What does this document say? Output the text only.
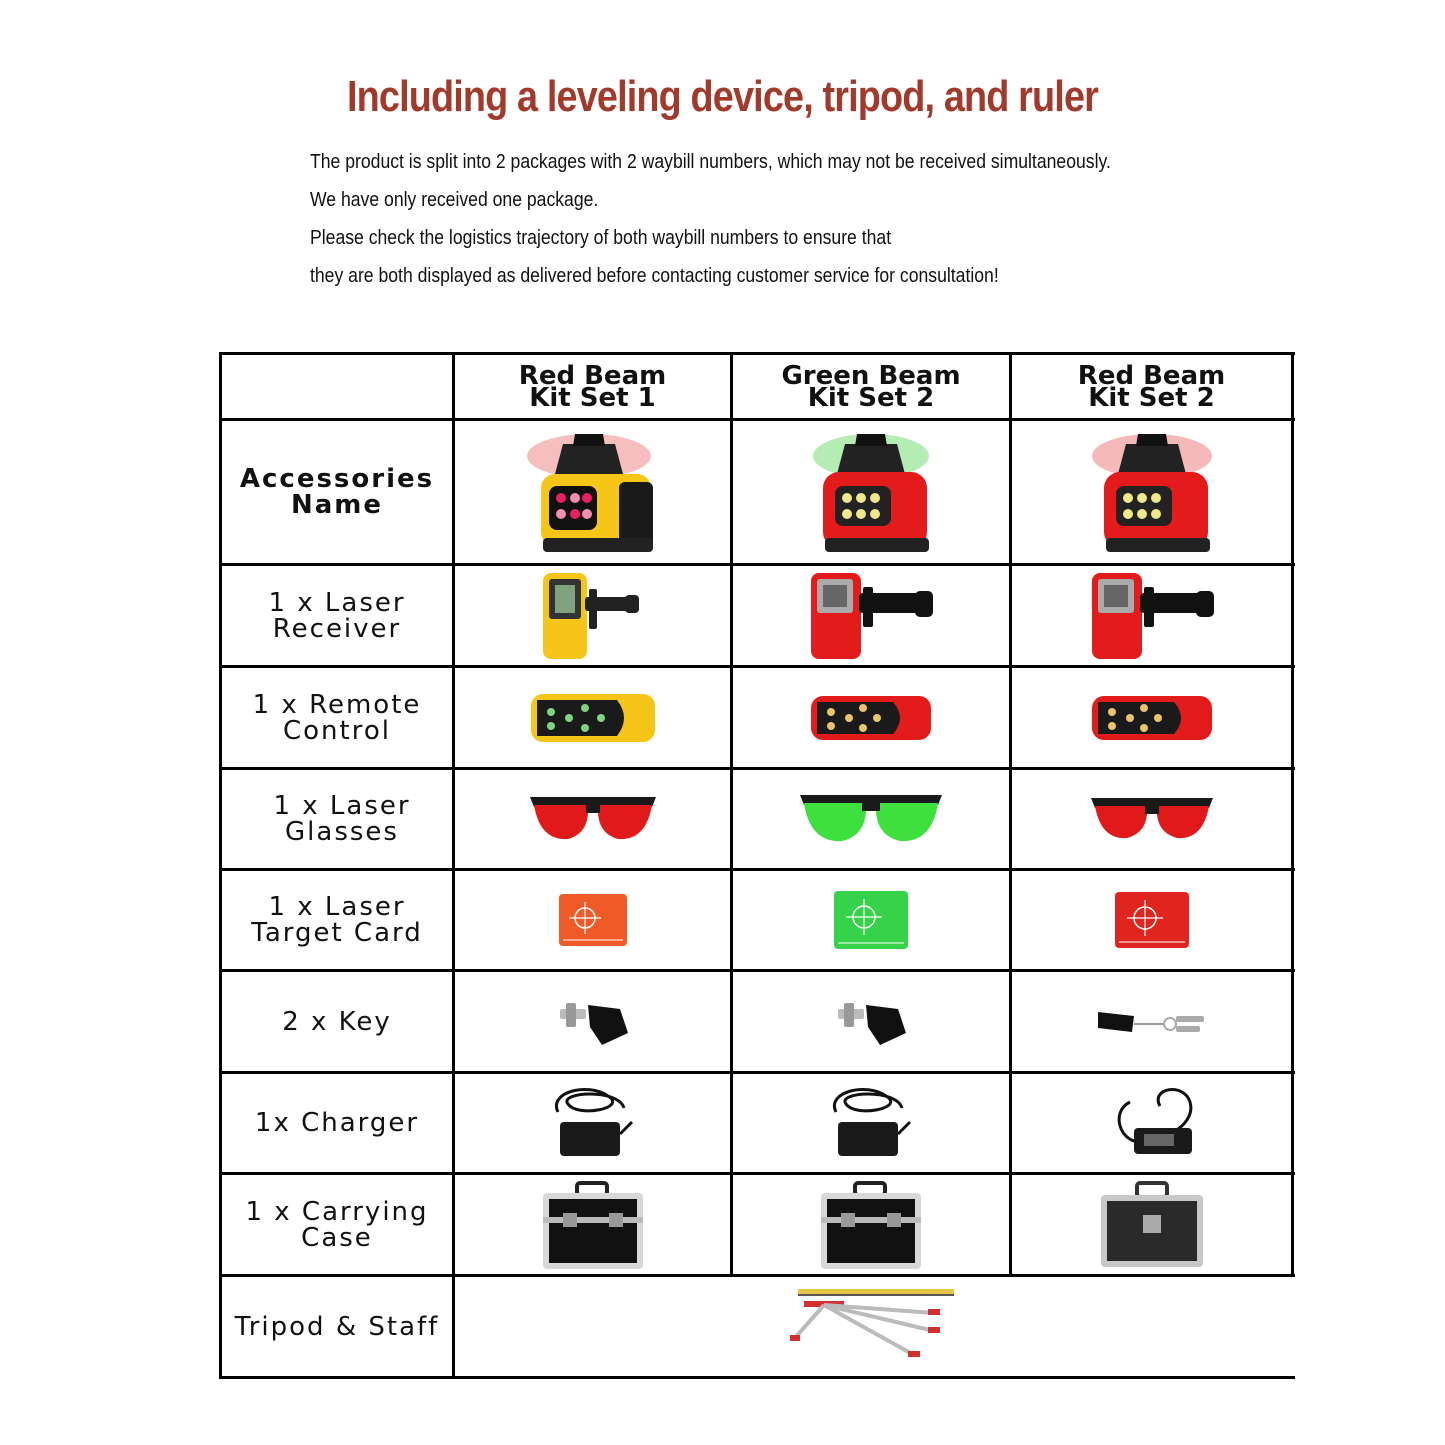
Including a leveling device, tripod, and ruler
The product is split into 2 packages with 2 waybill numbers, which may not be received simultaneously.
We have only received one package.
Please check the logistics trajectory of both waybill numbers to ensure that
they are both displayed as delivered before contacting customer service for consultation!
Red Beam
Kit Set 1
Green Beam
Kit Set 2
Red Beam
Kit Set 2
Accessories
Name
1 x Laser
Receiver
1 x Remote
Control
1 x Laser
Glasses
1 x Laser
Target Card
2 x Key
1x Charger
1 x Carrying
Case
Tripod & Staff
